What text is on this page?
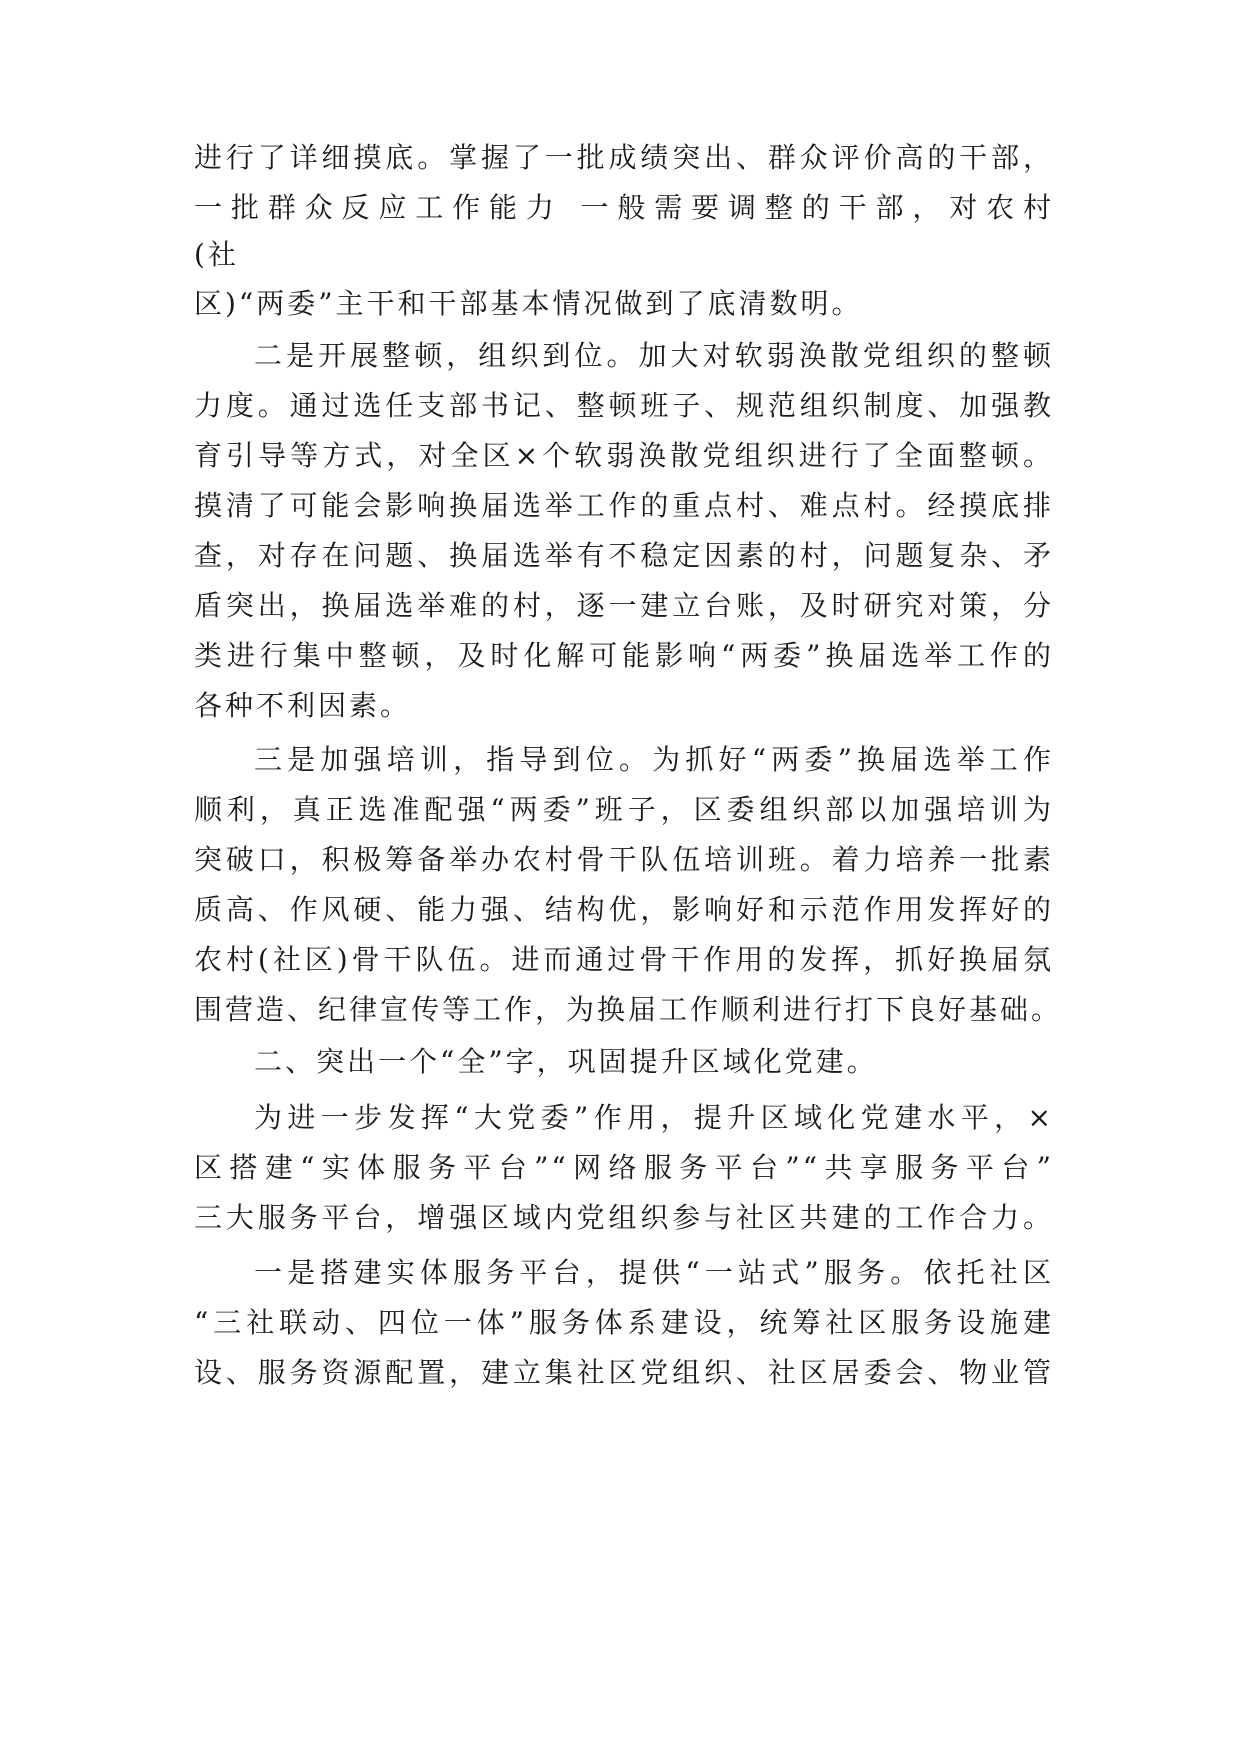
进行了详细摸底。掌握了一批成绩突出、群众评价高的干部，
一批群众反应工作能力 一般需要调整的干部，对农村
(社
区)“两委”主干和干部基本情况做到了底清数明。
二是开展整顿，组织到位。加大对软弱涣散党组织的整顿
力度。通过选任支部书记、整顿班子、规范组织制度、加强教
育引导等方式，对全区×个软弱涣散党组织进行了全面整顿。
摸清了可能会影响换届选举工作的重点村、难点村。经摸底排
查，对存在问题、换届选举有不稳定因素的村，问题复杂、矛
盾突出，换届选举难的村，逐一建立台账，及时研究对策，分
类进行集中整顿，及时化解可能影响“两委”换届选举工作的
各种不利因素。
三是加强培训，指导到位。为抓好“两委”换届选举工作
顺利，真正选准配强“两委”班子，区委组织部以加强培训为
突破口，积极筹备举办农村骨干队伍培训班。着力培养一批素
质高、作风硬、能力强、结构优，影响好和示范作用发挥好的
农村(社区)骨干队伍。进而通过骨干作用的发挥，抓好换届氛
围营造、纪律宣传等工作，为换届工作顺利进行打下良好基础。
二、突出一个“全”字，巩固提升区域化党建。
为进一步发挥“大党委”作用，提升区域化党建水平，×
区搭建“实体服务平台”“网络服务平台”“共享服务平台”
三大服务平台，增强区域内党组织参与社区共建的工作合力。
一是搭建实体服务平台，提供“一站式”服务。依托社区
“三社联动、四位一体”服务体系建设，统筹社区服务设施建
设、服务资源配置，建立集社区党组织、社区居委会、物业管
